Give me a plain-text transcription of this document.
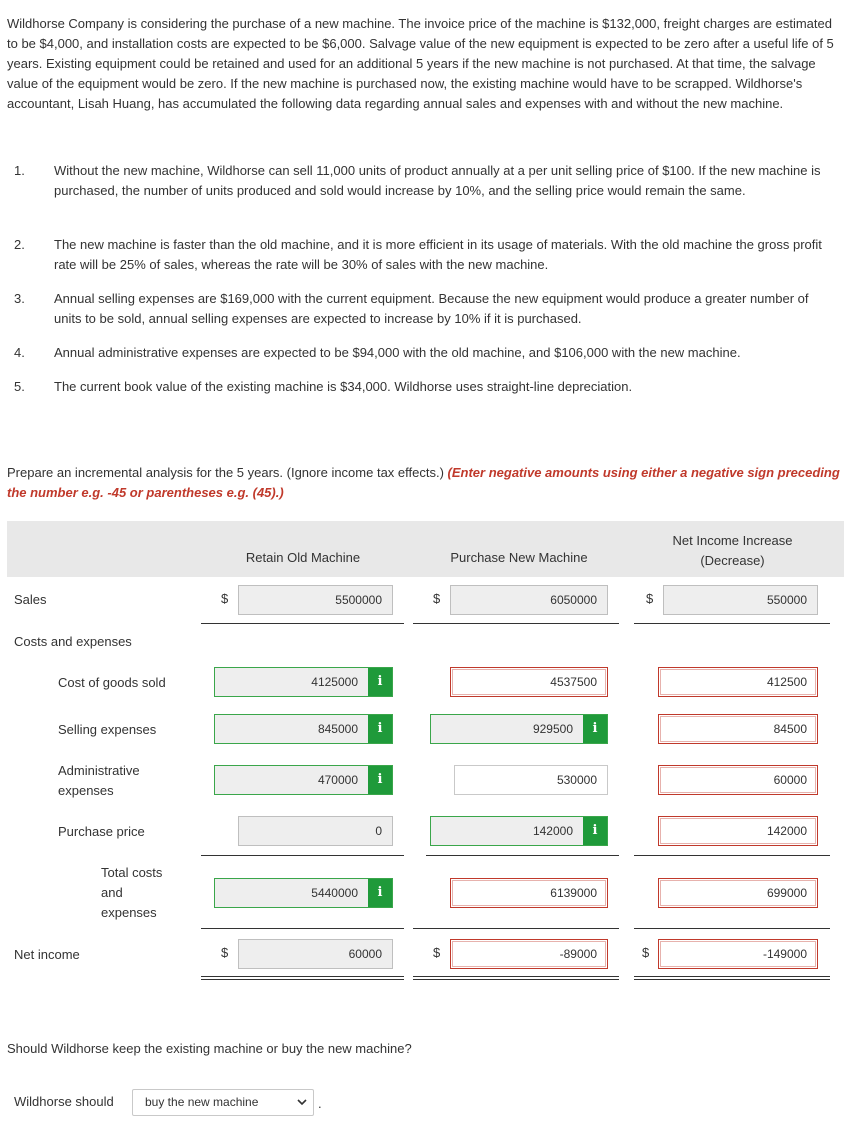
Wildhorse Company is considering the purchase of a new machine. The invoice price of the machine is $132,000, freight charges are estimated to be $4,000, and installation costs are expected to be $6,000. Salvage value of the new equipment is expected to be zero after a useful life of 5 years. Existing equipment could be retained and used for an additional 5 years if the new machine is not purchased. At that time, the salvage value of the equipment would be zero. If the new machine is purchased now, the existing machine would have to be scrapped. Wildhorse's accountant, Lisah Huang, has accumulated the following data regarding annual sales and expenses with and without the new machine.
1. Without the new machine, Wildhorse can sell 11,000 units of product annually at a per unit selling price of $100. If the new machine is purchased, the number of units produced and sold would increase by 10%, and the selling price would remain the same.
2. The new machine is faster than the old machine, and it is more efficient in its usage of materials. With the old machine the gross profit rate will be 25% of sales, whereas the rate will be 30% of sales with the new machine.
3. Annual selling expenses are $169,000 with the current equipment. Because the new equipment would produce a greater number of units to be sold, annual selling expenses are expected to increase by 10% if it is purchased.
4. Annual administrative expenses are expected to be $94,000 with the old machine, and $106,000 with the new machine.
5. The current book value of the existing machine is $34,000. Wildhorse uses straight-line depreciation.
Prepare an incremental analysis for the 5 years. (Ignore income tax effects.) (Enter negative amounts using either a negative sign preceding the number e.g. -45 or parentheses e.g. (45).)
Retain Old Machine	Purchase New Machine
Net Income Increase
(Decrease)
Sales	$	5500000	$	6050000	$	550000
Costs and expenses
Cost of goods sold	4125000	i	4537500	412500
Selling expenses	845000	i	929500	i	84500
Administrative
expenses
470000	i	530000	60000
Purchase price	0	142000	i	142000
Total costs
and
expenses
5440000	i	6139000	699000
Net income	$	60000	$	-89000	$	-149000
Should Wildhorse keep the existing machine or buy the new machine?
Wildhorse should	buy the new machine	.
